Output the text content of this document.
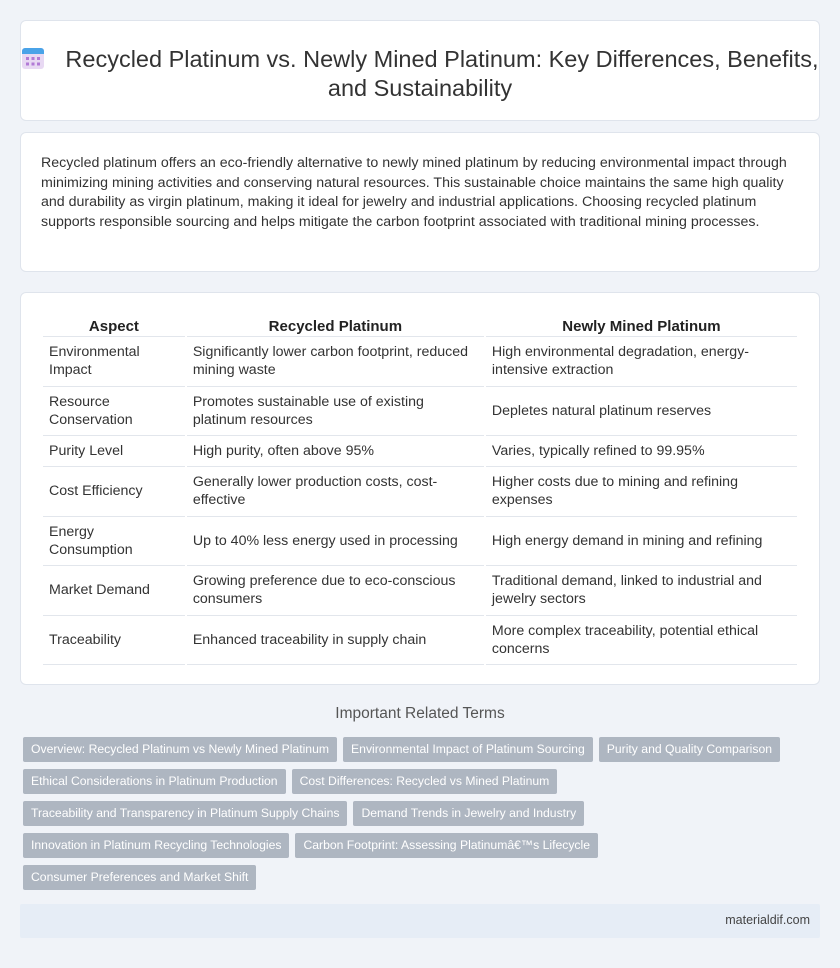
Recycled Platinum vs. Newly Mined Platinum: Key Differences, Benefits, and Sustainability

Recycled platinum offers an eco-friendly alternative to newly mined platinum by reducing environmental impact through minimizing mining activities and conserving natural resources. This sustainable choice maintains the same high quality and durability as virgin platinum, making it ideal for jewelry and industrial applications. Choosing recycled platinum supports responsible sourcing and helps mitigate the carbon footprint associated with traditional mining processes.

Aspect	Recycled Platinum	Newly Mined Platinum
Environmental Impact	Significantly lower carbon footprint, reduced mining waste	High environmental degradation, energy-intensive extraction
Resource Conservation	Promotes sustainable use of existing platinum resources	Depletes natural platinum reserves
Purity Level	High purity, often above 95%	Varies, typically refined to 99.95%
Cost Efficiency	Generally lower production costs, cost-effective	Higher costs due to mining and refining expenses
Energy Consumption	Up to 40% less energy used in processing	High energy demand in mining and refining
Market Demand	Growing preference due to eco-conscious consumers	Traditional demand, linked to industrial and jewelry sectors
Traceability	Enhanced traceability in supply chain	More complex traceability, potential ethical concerns
Important Related Terms
Overview: Recycled Platinum vs Newly Mined Platinum Environmental Impact of Platinum Sourcing Purity and Quality Comparison
Ethical Considerations in Platinum Production Cost Differences: Recycled vs Mined Platinum
Traceability and Transparency in Platinum Supply Chains Demand Trends in Jewelry and Industry
Innovation in Platinum Recycling Technologies Carbon Footprint: Assessing Platinumâ€™s Lifecycle
Consumer Preferences and Market Shift
materialdif.com
